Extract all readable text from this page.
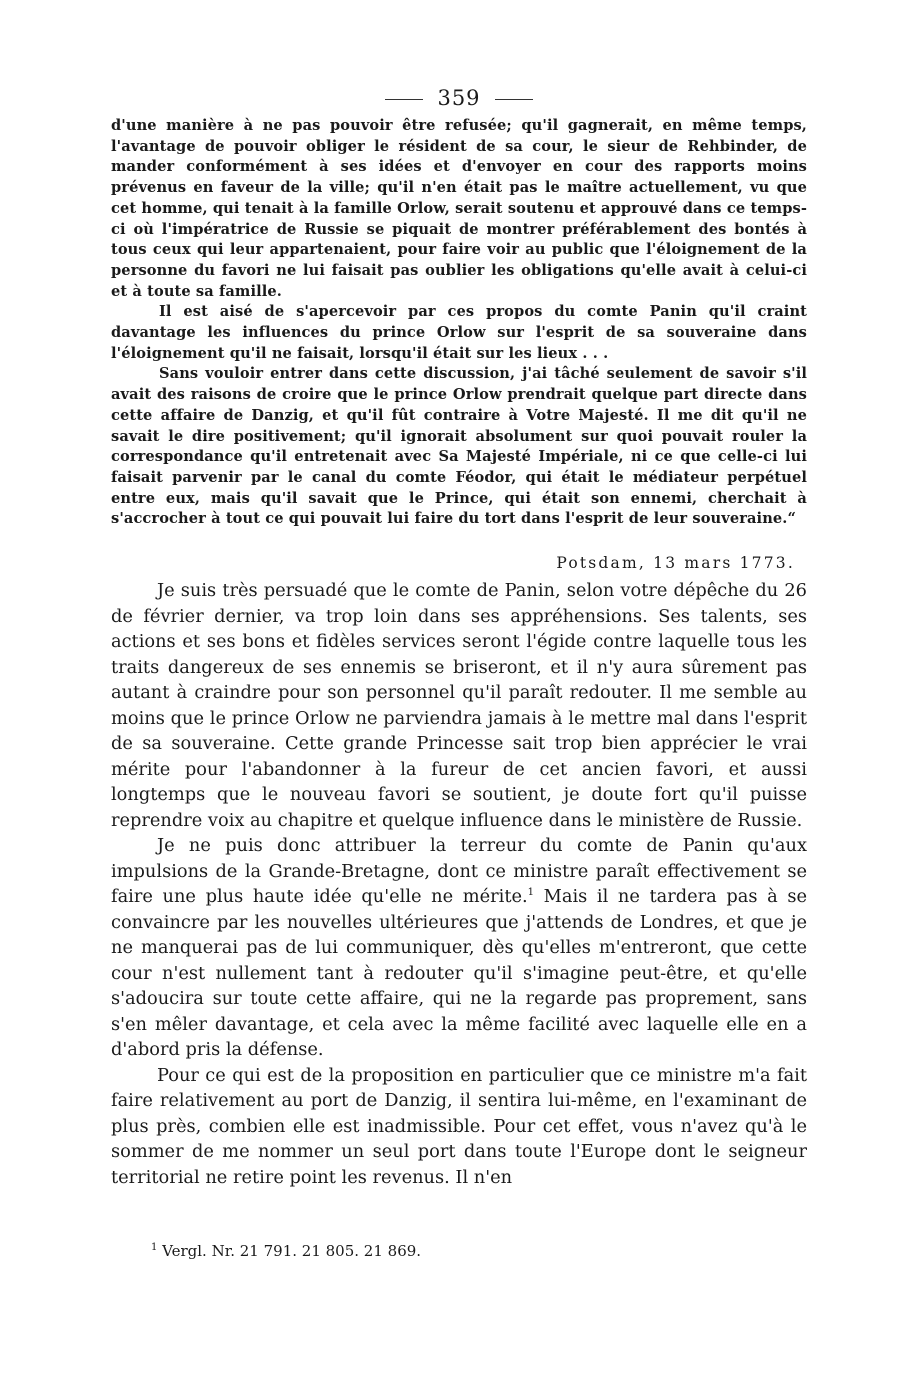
359

d'une manière à ne pas pouvoir être refusée; qu'il gagnerait, en même temps, l'avantage de pouvoir obliger le résident de sa cour, le sieur de Rehbinder, de mander conformément à ses idées et d'envoyer en cour des rapports moins prévenus en faveur de la ville; qu'il n'en était pas le maître actuellement, vu que cet homme, qui tenait à la famille Orlow, serait soutenu et approuvé dans ce temps-ci où l'impératrice de Russie se piquait de montrer préférablement des bontés à tous ceux qui leur appartenaient, pour faire voir au public que l'éloignement de la personne du favori ne lui faisait pas oublier les obligations qu'elle avait à celui-ci et à toute sa famille.

Il est aisé de s'apercevoir par ces propos du comte Panin qu'il craint davantage les influences du prince Orlow sur l'esprit de sa souveraine dans l'éloignement qu'il ne faisait, lorsqu'il était sur les lieux . . .

Sans vouloir entrer dans cette discussion, j'ai tâché seulement de savoir s'il avait des raisons de croire que le prince Orlow prendrait quelque part directe dans cette affaire de Danzig, et qu'il fût contraire à Votre Majesté. Il me dit qu'il ne savait le dire positivement; qu'il ignorait absolument sur quoi pouvait rouler la correspondance qu'il entretenait avec Sa Majesté Impériale, ni ce que celle-ci lui faisait parvenir par le canal du comte Féodor, qui était le médiateur perpétuel entre eux, mais qu'il savait que le Prince, qui était son ennemi, cherchait à s'accrocher à tout ce qui pouvait lui faire du tort dans l'esprit de leur souveraine.“

Potsdam, 13 mars 1773.

Je suis très persuadé que le comte de Panin, selon votre dépêche du 26 de février dernier, va trop loin dans ses appréhensions. Ses talents, ses actions et ses bons et fidèles services seront l'égide contre laquelle tous les traits dangereux de ses ennemis se briseront, et il n'y aura sûrement pas autant à craindre pour son personnel qu'il paraît redouter. Il me semble au moins que le prince Orlow ne parviendra jamais à le mettre mal dans l'esprit de sa souveraine. Cette grande Princesse sait trop bien apprécier le vrai mérite pour l'abandonner à la fureur de cet ancien favori, et aussi longtemps que le nouveau favori se soutient, je doute fort qu'il puisse reprendre voix au chapitre et quelque influence dans le ministère de Russie.

Je ne puis donc attribuer la terreur du comte de Panin qu'aux impulsions de la Grande-Bretagne, dont ce ministre paraît effectivement se faire une plus haute idée qu'elle ne mérite.$^1$ Mais il ne tardera pas à se convaincre par les nouvelles ultérieures que j'attends de Londres, et que je ne manquerai pas de lui communiquer, dès qu'elles m'entreront, que cette cour n'est nullement tant à redouter qu'il s'imagine peut-être, et qu'elle s'adoucira sur toute cette affaire, qui ne la regarde pas proprement, sans s'en mêler davantage, et cela avec la même facilité avec laquelle elle en a d'abord pris la défense.

Pour ce qui est de la proposition en particulier que ce ministre m'a fait faire relativement au port de Danzig, il sentira lui-même, en l'examinant de plus près, combien elle est inadmissible. Pour cet effet, vous n'avez qu'à le sommer de me nommer un seul port dans toute l'Europe dont le seigneur territorial ne retire point les revenus. Il n'en

$^1$ Vergl. Nr. 21 791. 21 805. 21 869.
